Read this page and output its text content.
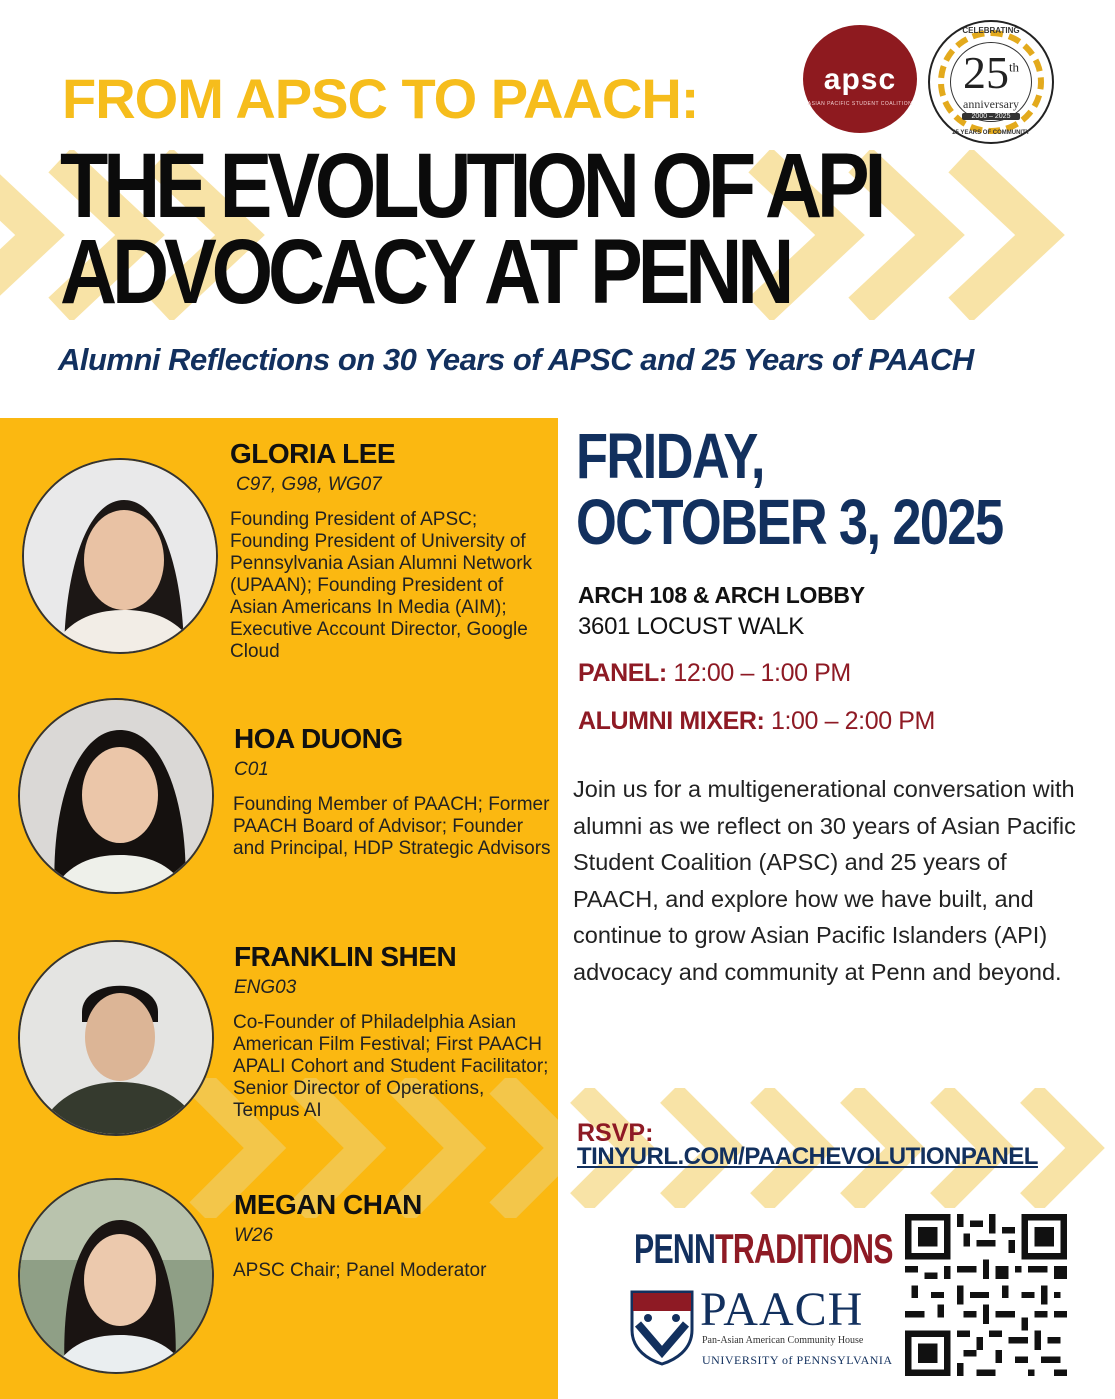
FROM APSC TO PAACH:
THE EVOLUTION OF API
ADVOCACY AT PENN
Alumni Reflections on 30 Years of APSC and 25 Years of PAACH
apsc
ASIAN PACIFIC STUDENT COALITION
CELEBRATING
25th
anniversary
2000 – 2025
25 YEARS OF COMMUNITY
GLORIA LEE
C97, G98, WG07
Founding President of APSC; Founding President of University of Pennsylvania Asian Alumni Network (UPAAN); Founding President of Asian Americans In Media (AIM); Executive Account Director, Google Cloud
HOA DUONG
C01
Founding Member of PAACH; Former PAACH Board of Advisor; Founder and Principal, HDP Strategic Advisors
FRANKLIN SHEN
ENG03
Co-Founder of Philadelphia Asian American Film Festival; First PAACH APALI Cohort and Student Facilitator; Senior Director of Operations, Tempus AI
MEGAN CHAN
W26
APSC Chair; Panel Moderator
FRIDAY,
OCTOBER 3, 2025
ARCH 108 & ARCH LOBBY
3601 LOCUST WALK
PANEL: 12:00 – 1:00 PM
ALUMNI MIXER: 1:00 – 2:00 PM
Join us for a multigenerational conversation with alumni as we reflect on 30 years of Asian Pacific Student Coalition (APSC) and 25 years of PAACH, and explore how we have built, and continue to grow Asian Pacific Islanders (API) advocacy and community at Penn and beyond.
RSVP:
TINYURL.COM/PAACHEVOLUTIONPANEL
PENNTRADITIONS
PAACH
Pan-Asian American Community House
UNIVERSITY of PENNSYLVANIA
